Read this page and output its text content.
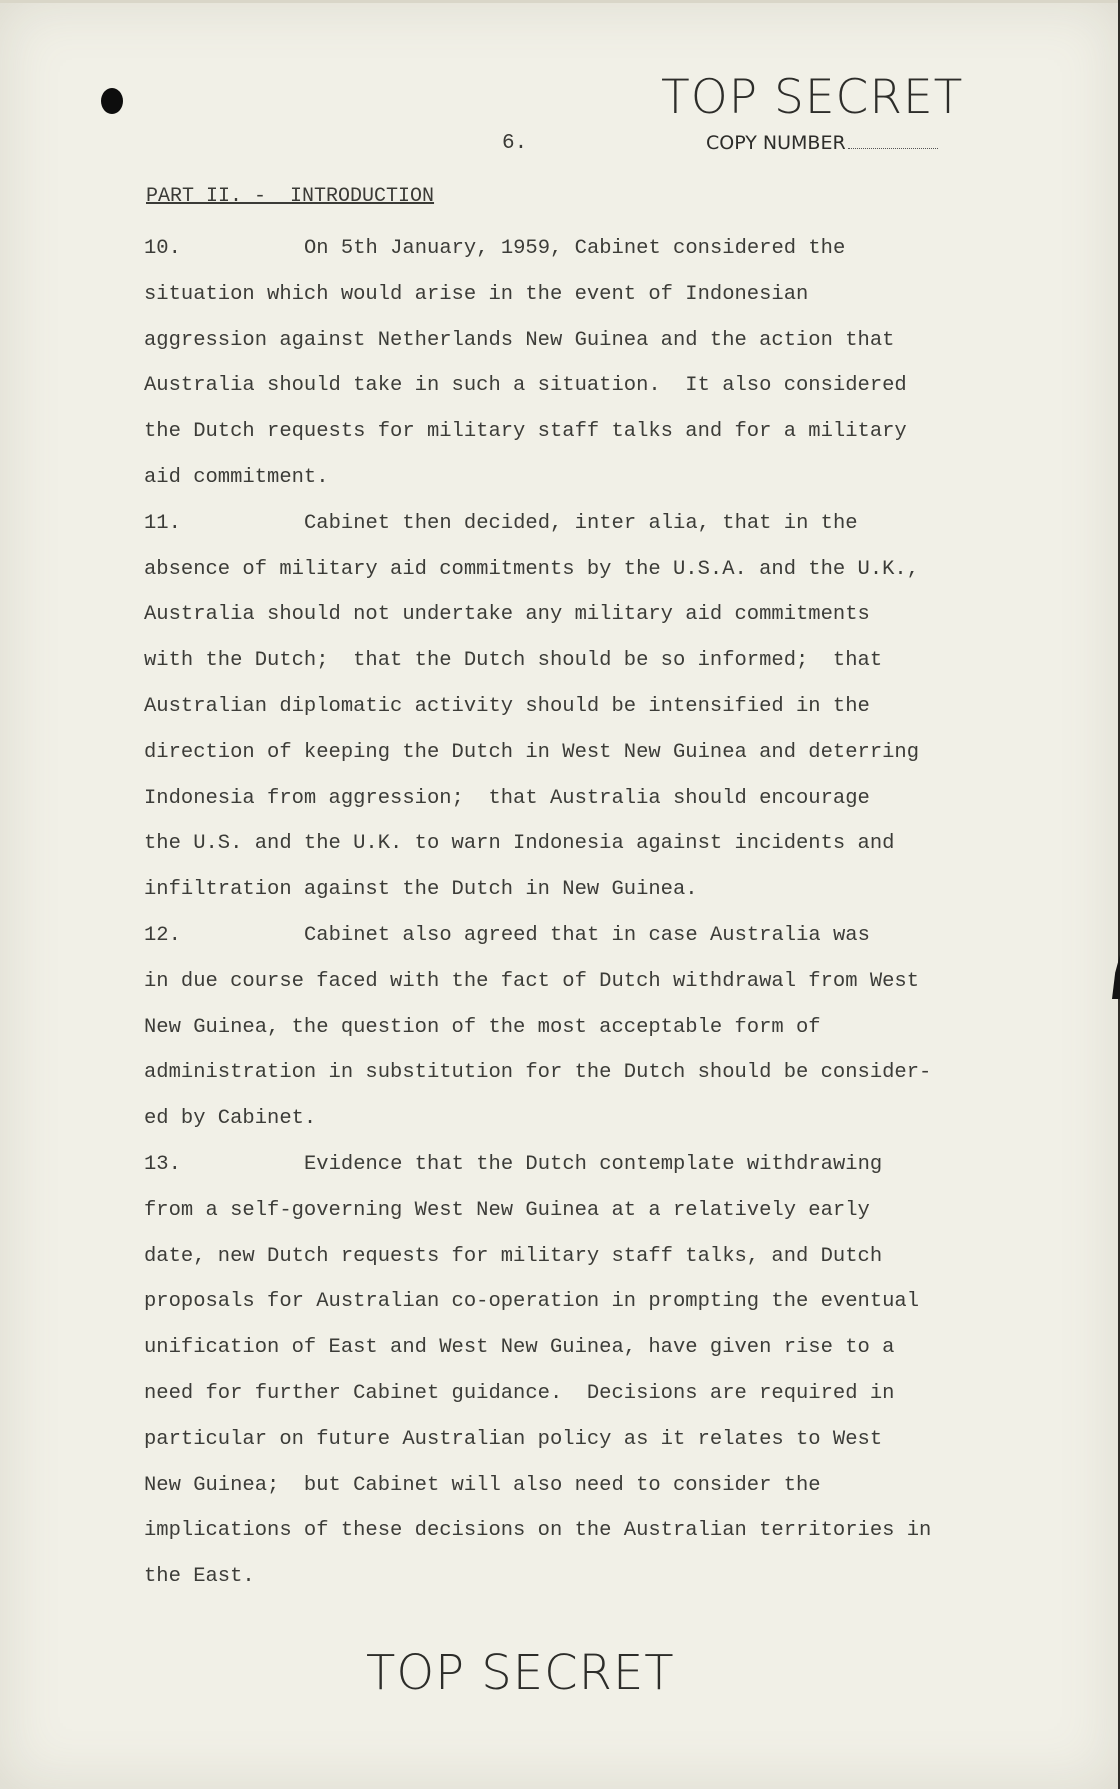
TOP SECRET
6.	COPY NUMBER
PART II. -  INTRODUCTION
10.	On 5th January, 1959, Cabinet considered the
situation which would arise in the event of Indonesian
aggression against Netherlands New Guinea and the action that
Australia should take in such a situation.  It also considered
the Dutch requests for military staff talks and for a military
aid commitment.
11.	Cabinet then decided, inter alia, that in the
absence of military aid commitments by the U.S.A. and the U.K.,
Australia should not undertake any military aid commitments
with the Dutch;  that the Dutch should be so informed;  that
Australian diplomatic activity should be intensified in the
direction of keeping the Dutch in West New Guinea and deterring
Indonesia from aggression;  that Australia should encourage
the U.S. and the U.K. to warn Indonesia against incidents and
infiltration against the Dutch in New Guinea.
12.	Cabinet also agreed that in case Australia was
in due course faced with the fact of Dutch withdrawal from West
New Guinea, the question of the most acceptable form of
administration in substitution for the Dutch should be consider-
ed by Cabinet.
13.	Evidence that the Dutch contemplate withdrawing
from a self-governing West New Guinea at a relatively early
date, new Dutch requests for military staff talks, and Dutch
proposals for Australian co-operation in prompting the eventual
unification of East and West New Guinea, have given rise to a
need for further Cabinet guidance.  Decisions are required in
particular on future Australian policy as it relates to West
New Guinea;  but Cabinet will also need to consider the
implications of these decisions on the Australian territories in
the East.
TOP SECRET
